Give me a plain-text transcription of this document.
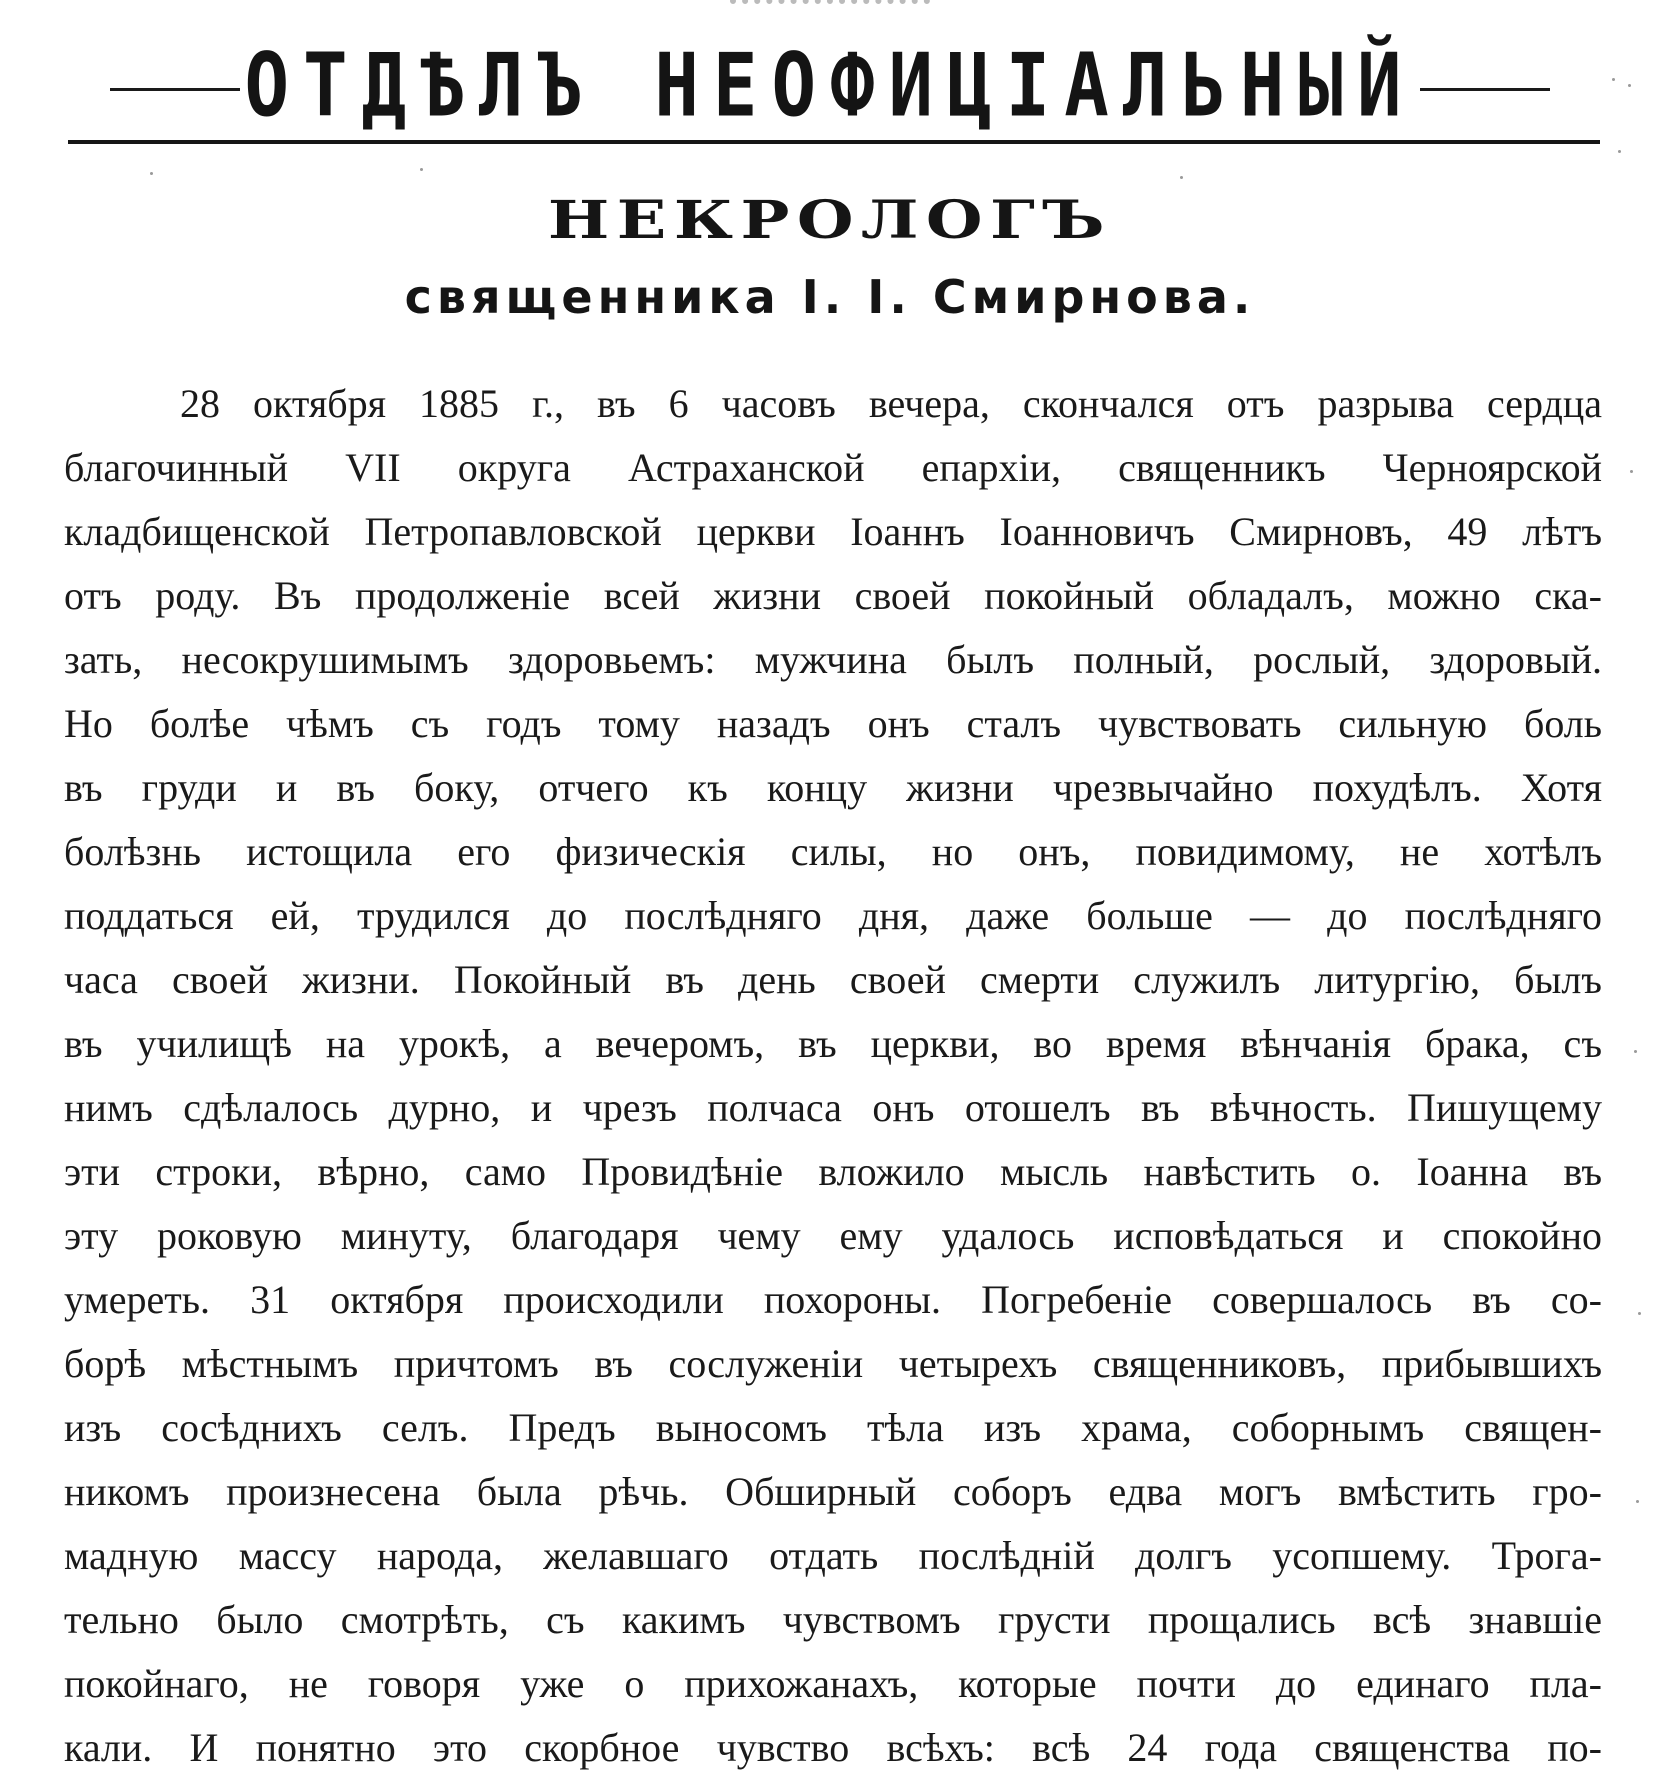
ОТДѢЛЪ НЕОФИЦІАЛЬНЫЙ
НЕКРОЛОГЪ
священника І. І. Смирнова.
28 октября 1885 г., въ 6 часовъ вечера, скончался отъ разрыва сердца
благочинный VII округа Астраханской епархіи, священникъ Черноярской
кладбищенской Петропавловской церкви Іоаннъ Іоанновичъ Смирновъ, 49 лѣтъ
отъ роду. Въ продолженіе всей жизни своей покойный обладалъ, можно ска-
зать, несокрушимымъ здоровьемъ: мужчина былъ полный, рослый, здоровый.
Но болѣе чѣмъ съ годъ тому назадъ онъ сталъ чувствовать сильную боль
въ груди и въ боку, отчего къ концу жизни чрезвычайно похудѣлъ. Хотя
болѣзнь истощила его физическія силы, но онъ, повидимому, не хотѣлъ
поддаться ей, трудился до послѣдняго дня, даже больше — до послѣдняго
часа своей жизни. Покойный въ день своей смерти служилъ литургію, былъ
въ училищѣ на урокѣ, а вечеромъ, въ церкви, во время вѣнчанія брака, съ
нимъ сдѣлалось дурно, и чрезъ полчаса онъ отошелъ въ вѣчность. Пишущему
эти строки, вѣрно, само Провидѣніе вложило мысль навѣстить о. Іоанна въ
эту роковую минуту, благодаря чему ему удалось исповѣдаться и спокойно
умереть. 31 октября происходили похороны. Погребеніе совершалось въ со-
борѣ мѣстнымъ причтомъ въ сослуженіи четырехъ священниковъ, прибывшихъ
изъ сосѣднихъ селъ. Предъ выносомъ тѣла изъ храма, соборнымъ священ-
никомъ произнесена была рѣчь. Обширный соборъ едва могъ вмѣстить гро-
мадную массу народа, желавшаго отдать послѣдній долгъ усопшему. Трога-
тельно было смотрѣть, съ какимъ чувствомъ грусти прощались всѣ знавшіе
покойнаго, не говоря уже о прихожанахъ, которые почти до единаго пла-
кали. И понятно это скорбное чувство всѣхъ: всѣ 24 года священства по-
